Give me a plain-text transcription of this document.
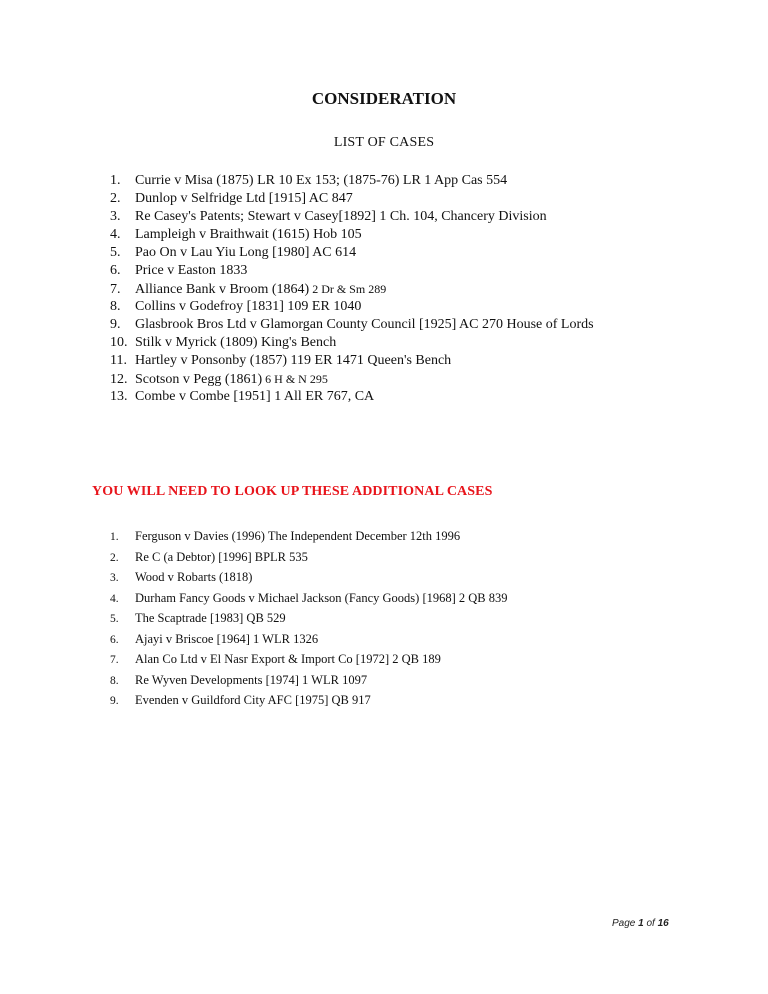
CONSIDERATION
LIST OF CASES
1. Currie v Misa (1875) LR 10 Ex 153; (1875-76) LR 1 App Cas 554
2. Dunlop v Selfridge Ltd [1915] AC 847
3. Re Casey's Patents; Stewart v Casey[1892] 1 Ch. 104, Chancery Division
4. Lampleigh v Braithwait (1615) Hob 105
5. Pao On v Lau Yiu Long [1980] AC 614
6. Price v Easton 1833
7. Alliance Bank v Broom (1864) 2 Dr & Sm 289
8. Collins v Godefroy [1831] 109 ER 1040
9. Glasbrook Bros Ltd v Glamorgan County Council [1925] AC 270 House of Lords
10. Stilk v Myrick (1809) King's Bench
11. Hartley v Ponsonby (1857) 119 ER 1471 Queen's Bench
12. Scotson v Pegg (1861) 6 H & N 295
13. Combe v Combe [1951] 1 All ER 767, CA
YOU WILL NEED TO LOOK UP THESE ADDITIONAL CASES
1. Ferguson v Davies (1996) The Independent December 12th 1996
2. Re C (a Debtor) [1996] BPLR 535
3. Wood v Robarts (1818)
4. Durham Fancy Goods v Michael Jackson (Fancy Goods) [1968] 2 QB 839
5. The Scaptrade [1983] QB 529
6. Ajayi v Briscoe [1964] 1 WLR 1326
7. Alan Co Ltd v El Nasr Export & Import Co [1972] 2 QB 189
8. Re Wyven Developments [1974] 1 WLR 1097
9. Evenden v Guildford City AFC [1975] QB 917
Page 1 of 16
